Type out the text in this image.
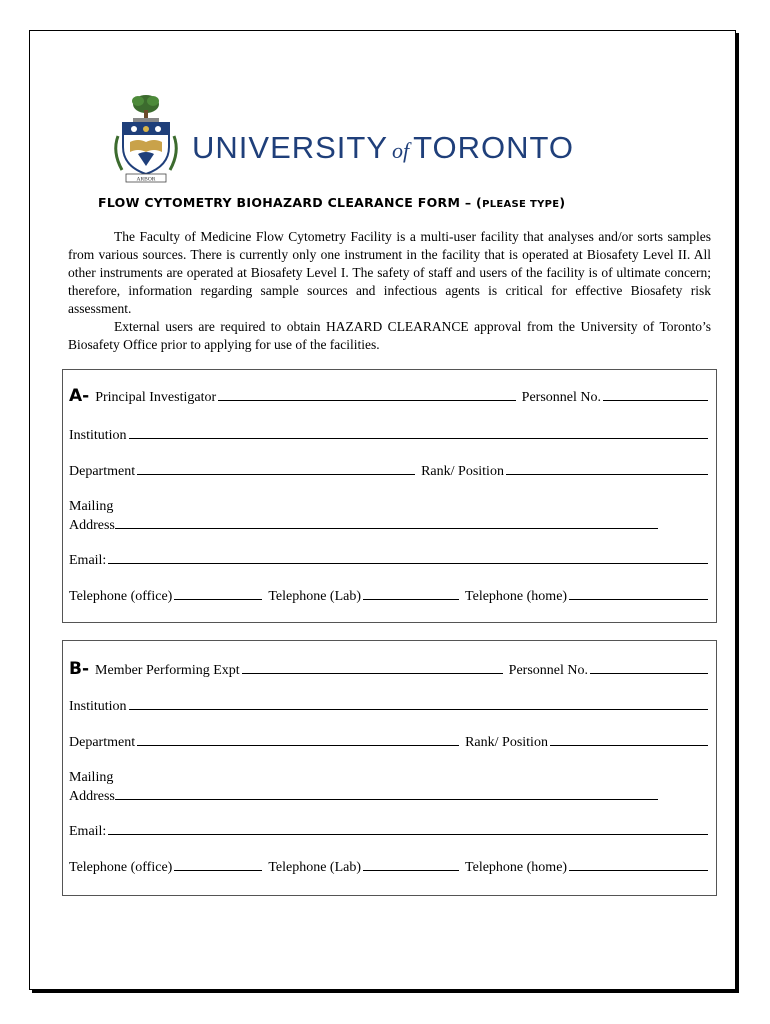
ARBOR
UNIVERSITY of TORONTO
FLOW CYTOMETRY BIOHAZARD CLEARANCE FORM – (PLEASE TYPE)

The Faculty of Medicine Flow Cytometry Facility is a multi-user facility that analyses and/or sorts samples from various sources. There is currently only one instrument in the facility that is operated at Biosafety Level II. All other instruments are operated at Biosafety Level I. The safety of staff and users of the facility is of ultimate concern; therefore, information regarding sample sources and infectious agents is critical for effective Biosafety risk assessment.

External users are required to obtain HAZARD CLEARANCE approval from the University of Toronto’s Biosafety Office prior to applying for use of the facilities.

A- Principal Investigator	Personnel No.
Institution
Department	Rank/ Position
Mailing
Address
Email:
Telephone (office)	Telephone (Lab)	Telephone (home)
B- Member Performing Expt	Personnel No.
Institution
Department	Rank/ Position
Mailing
Address
Email:
Telephone (office)	Telephone (Lab)	Telephone (home)
